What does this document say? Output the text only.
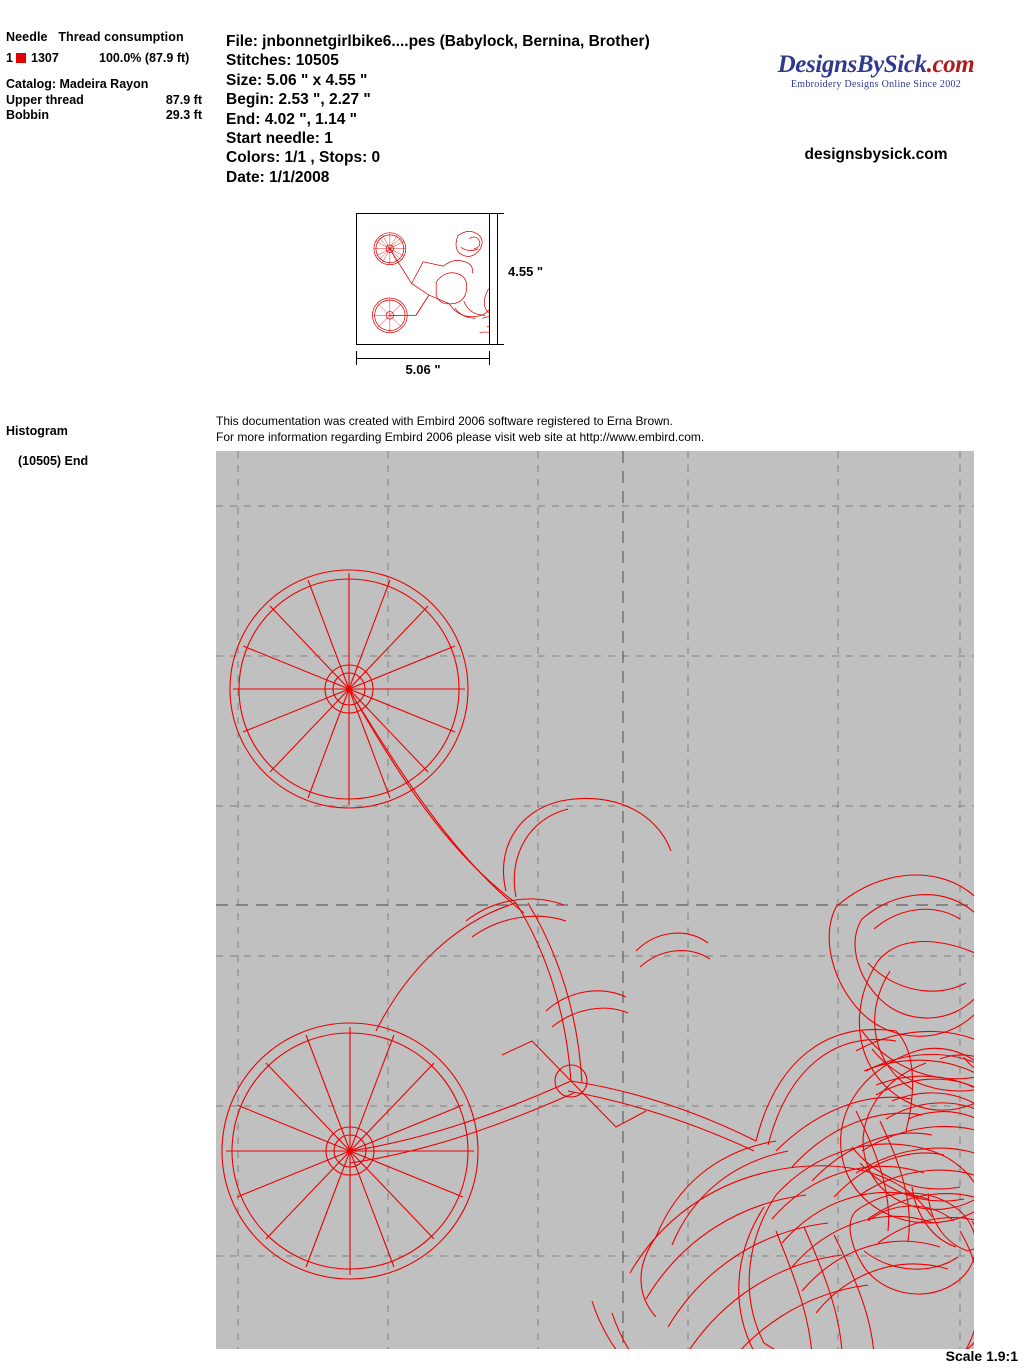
Needle Thread consumption
1 1307	100.0% (87.9 ft)
Catalog: Madeira Rayon
Upper thread	87.9 ft
Bobbin	29.3 ft
File: jnbonnetgirlbike6....pes (Babylock, Bernina, Brother)
Stitches: 10505
Size: 5.06 " x 4.55 "
Begin: 2.53 ", 2.27 "
End: 4.02 ", 1.14 "
Start needle: 1
Colors: 1/1 , Stops: 0
Date: 1/1/2008
DesignsBySick.com
Embroidery Designs Online Since 2002
designsbysick.com
4.55 "
5.06 "
Histogram
(10505) End
This documentation was created with Embird 2006 software registered to Erna Brown.
For more information regarding Embird 2006 please visit web site at http://www.embird.com.
Scale 1.9:1
